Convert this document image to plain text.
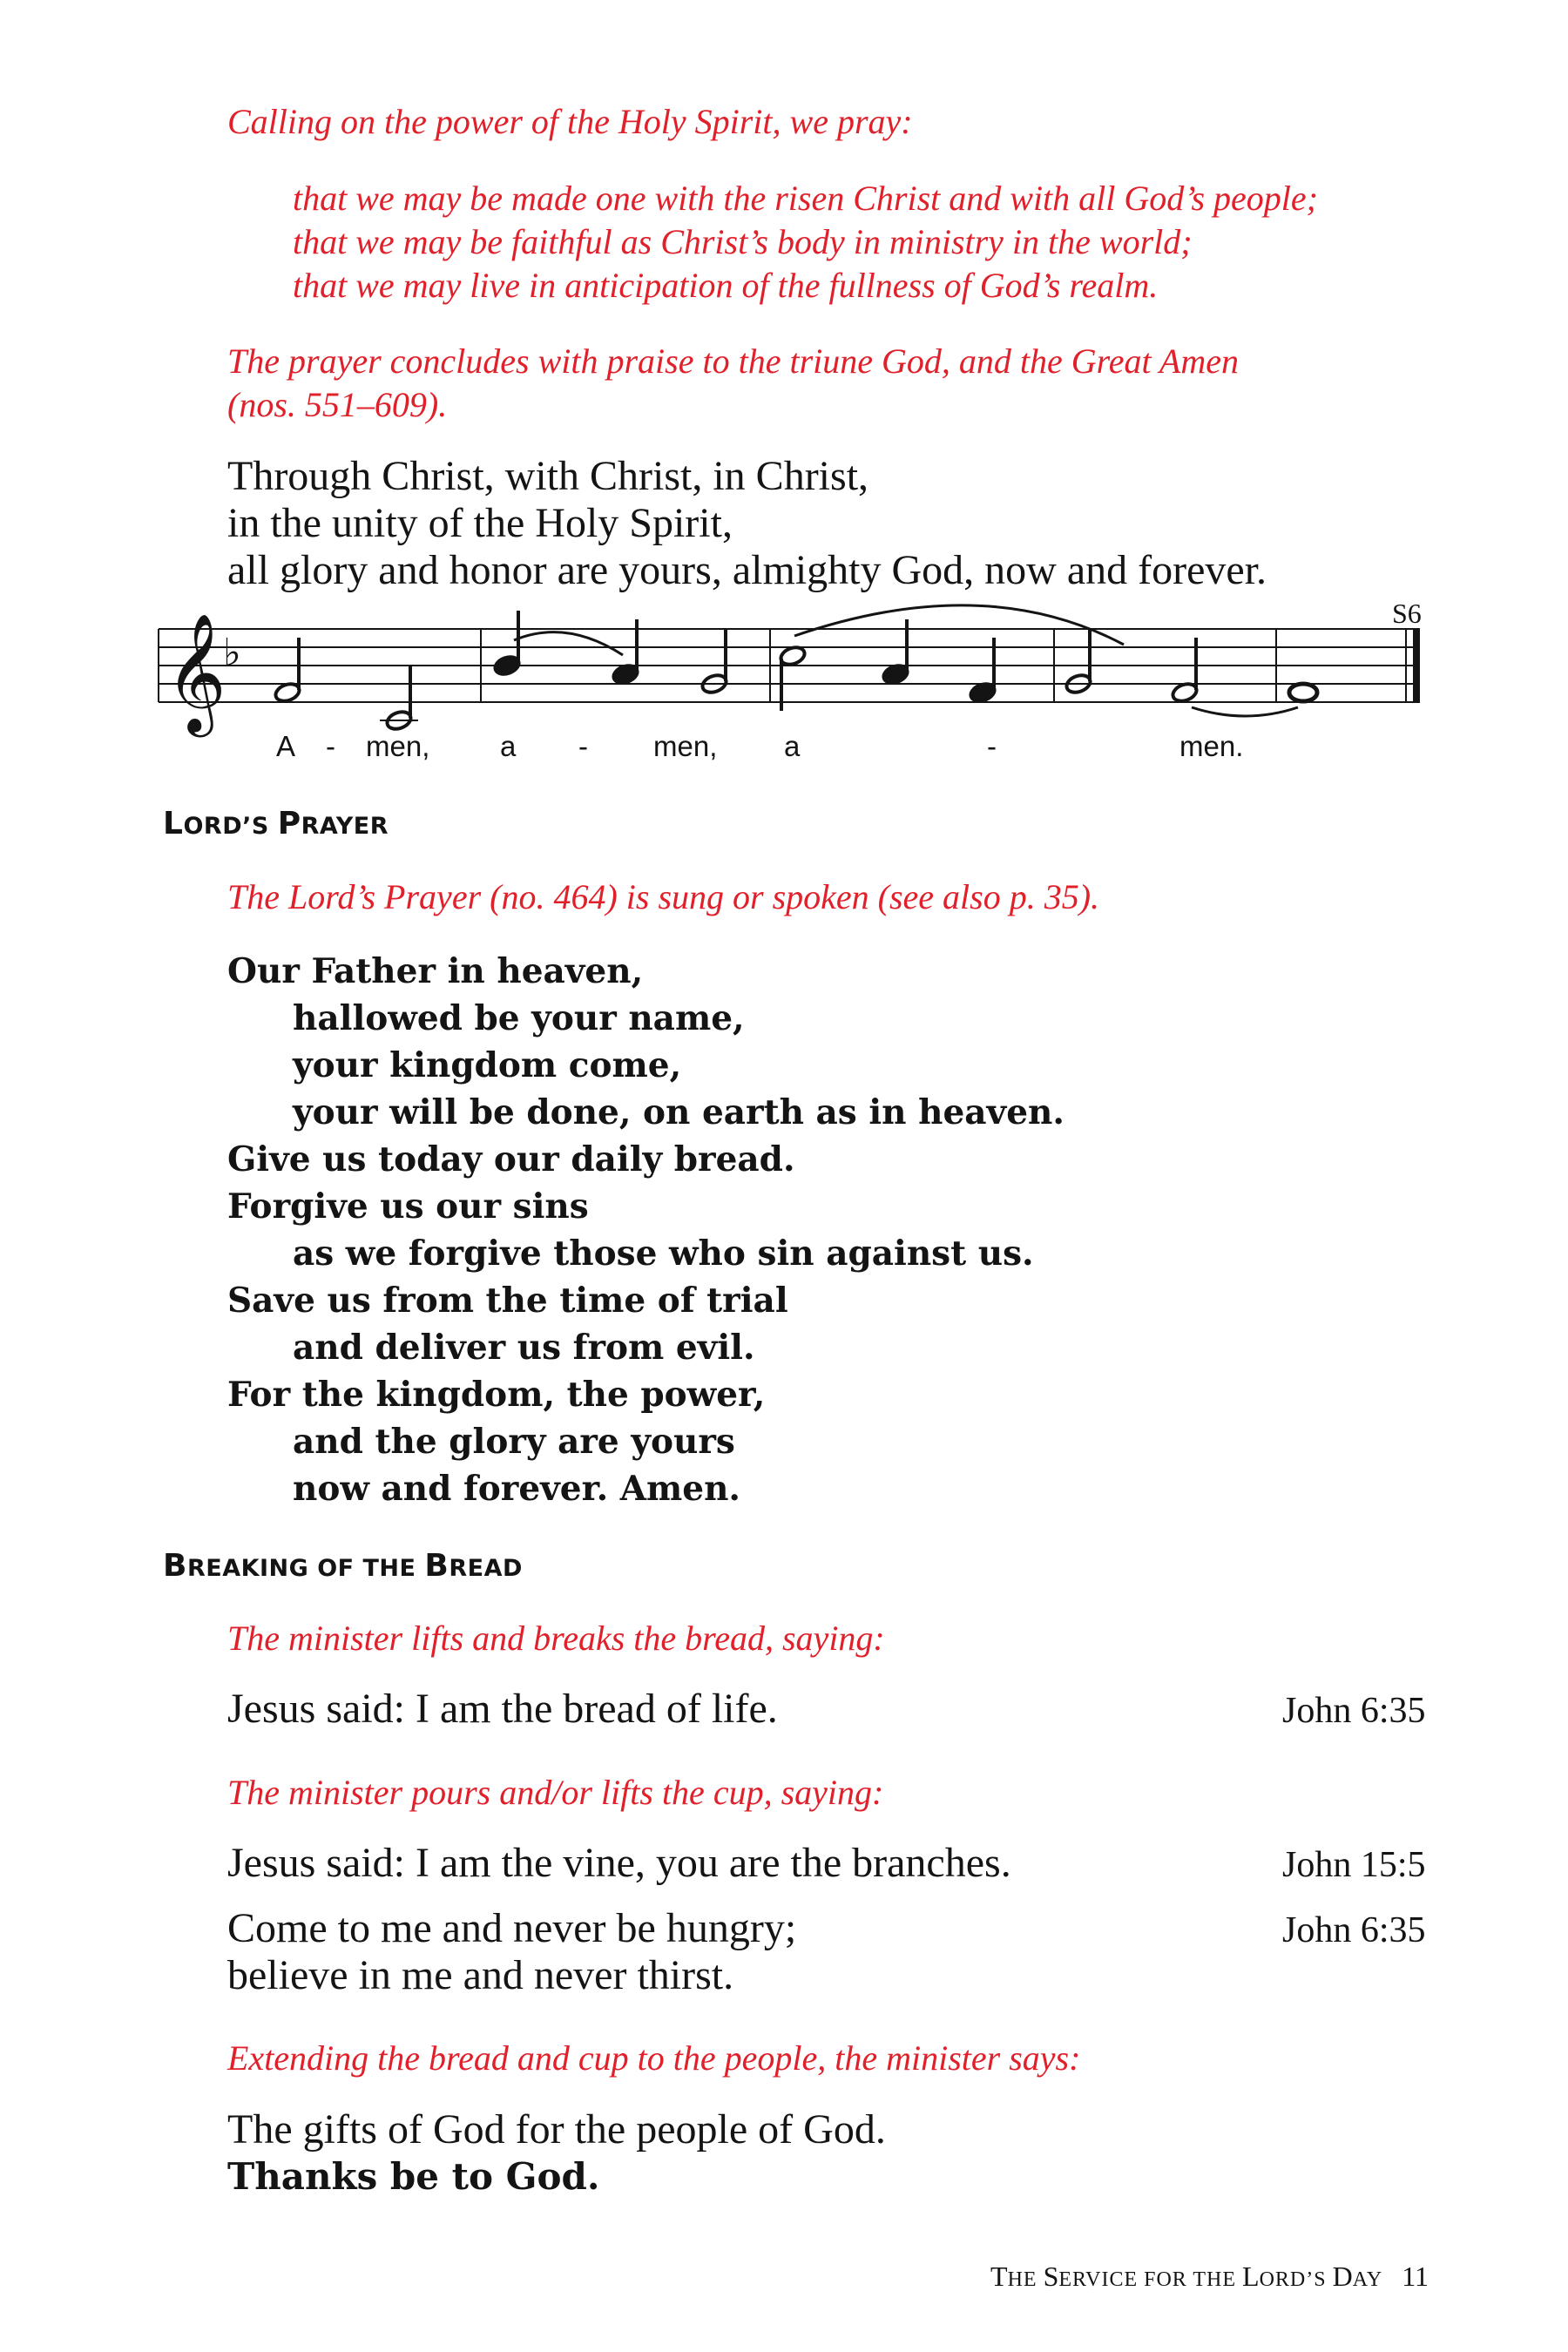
Calling on the power of the Holy Spirit, we pray:
that we may be made one with the risen Christ and with all God’s people;
that we may be faithful as Christ’s body in ministry in the world;
that we may live in anticipation of the fullness of God’s realm.
The prayer concludes with praise to the triune God, and the Great Amen
(nos. 551–609).
Through Christ, with Christ, in Christ,
in the unity of the Holy Spirit,
all glory and honor are yours, almighty God, now and forever.
𝄞
♭
S6
A - men, a - men, a	-	men.
LORD’S PRAYER
The Lord’s Prayer (no. 464) is sung or spoken (see also p. 35).
Our Father in heaven,
hallowed be your name,
your kingdom come,
your will be done, on earth as in heaven.
Give us today our daily bread.
Forgive us our sins
as we forgive those who sin against us.
Save us from the time of trial
and deliver us from evil.
For the kingdom, the power,
and the glory are yours
now and forever. Amen.
BREAKING OF THE BREAD
The minister lifts and breaks the bread, saying:
Jesus said: I am the bread of life.	John 6:35
The minister pours and/or lifts the cup, saying:
Jesus said: I am the vine, you are the branches.	John 15:5
Come to me and never be hungry;	John 6:35
believe in me and never thirst.
Extending the bread and cup to the people, the minister says:
The gifts of God for the people of God.
Thanks be to God.
THE SERVICE FOR THE LORD’S DAY 11
